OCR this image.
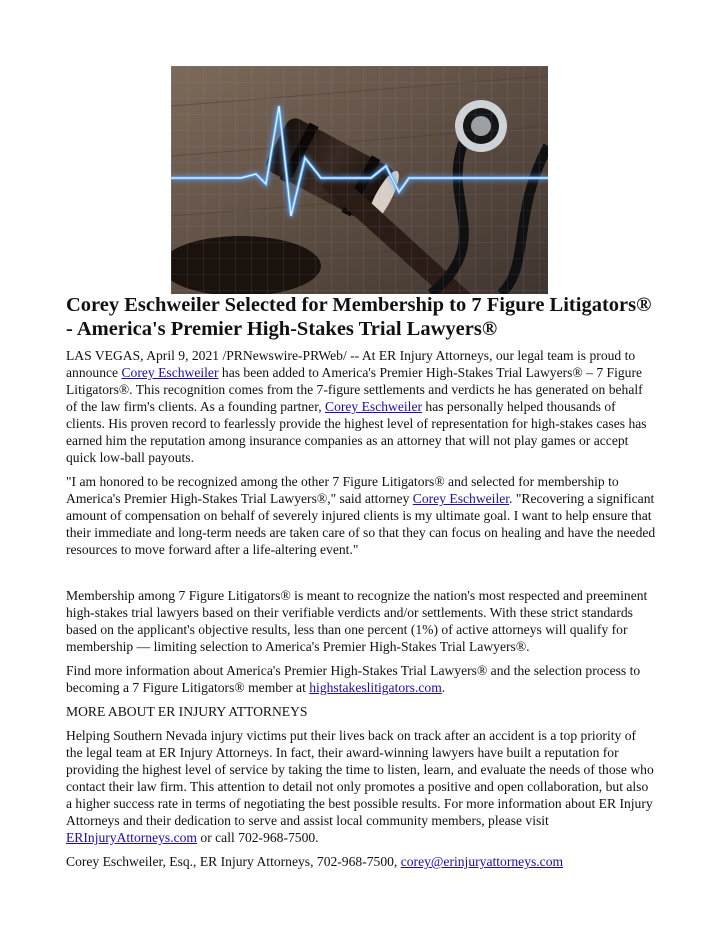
Corey Eschweiler Selected for Membership to 7 Figure Litigators® - America's Premier High-Stakes Trial Lawyers®

LAS VEGAS, April 9, 2021 /PRNewswire-PRWeb/ -- At ER Injury Attorneys, our legal team is proud to announce Corey Eschweiler has been added to America's Premier High-Stakes Trial Lawyers® – 7 Figure Litigators®. This recognition comes from the 7-figure settlements and verdicts he has generated on behalf of the law firm's clients. As a founding partner, Corey Eschweiler has personally helped thousands of clients. His proven record to fearlessly provide the highest level of representation for high-stakes cases has earned him the reputation among insurance companies as an attorney that will not play games or accept quick low-ball payouts.

"I am honored to be recognized among the other 7 Figure Litigators® and selected for membership to America's Premier High-Stakes Trial Lawyers®," said attorney Corey Eschweiler. "Recovering a significant amount of compensation on behalf of severely injured clients is my ultimate goal. I want to help ensure that their immediate and long-term needs are taken care of so that they can focus on healing and have the needed resources to move forward after a life-altering event."

Membership among 7 Figure Litigators® is meant to recognize the nation's most respected and preeminent high-stakes trial lawyers based on their verifiable verdicts and/or settlements. With these strict standards based on the applicant's objective results, less than one percent (1%) of active attorneys will qualify for membership — limiting selection to America's Premier High-Stakes Trial Lawyers®.

Find more information about America's Premier High-Stakes Trial Lawyers® and the selection process to becoming a 7 Figure Litigators® member at highstakeslitigators.com.

MORE ABOUT ER INJURY ATTORNEYS

Helping Southern Nevada injury victims put their lives back on track after an accident is a top priority of the legal team at ER Injury Attorneys. In fact, their award-winning lawyers have built a reputation for providing the highest level of service by taking the time to listen, learn, and evaluate the needs of those who contact their law firm. This attention to detail not only promotes a positive and open collaboration, but also a higher success rate in terms of negotiating the best possible results. For more information about ER Injury Attorneys and their dedication to serve and assist local community members, please visit ERInjuryAttorneys.com or call 702-968-7500.

Corey Eschweiler, Esq., ER Injury Attorneys, 702-968-7500, corey@erinjuryattorneys.com
